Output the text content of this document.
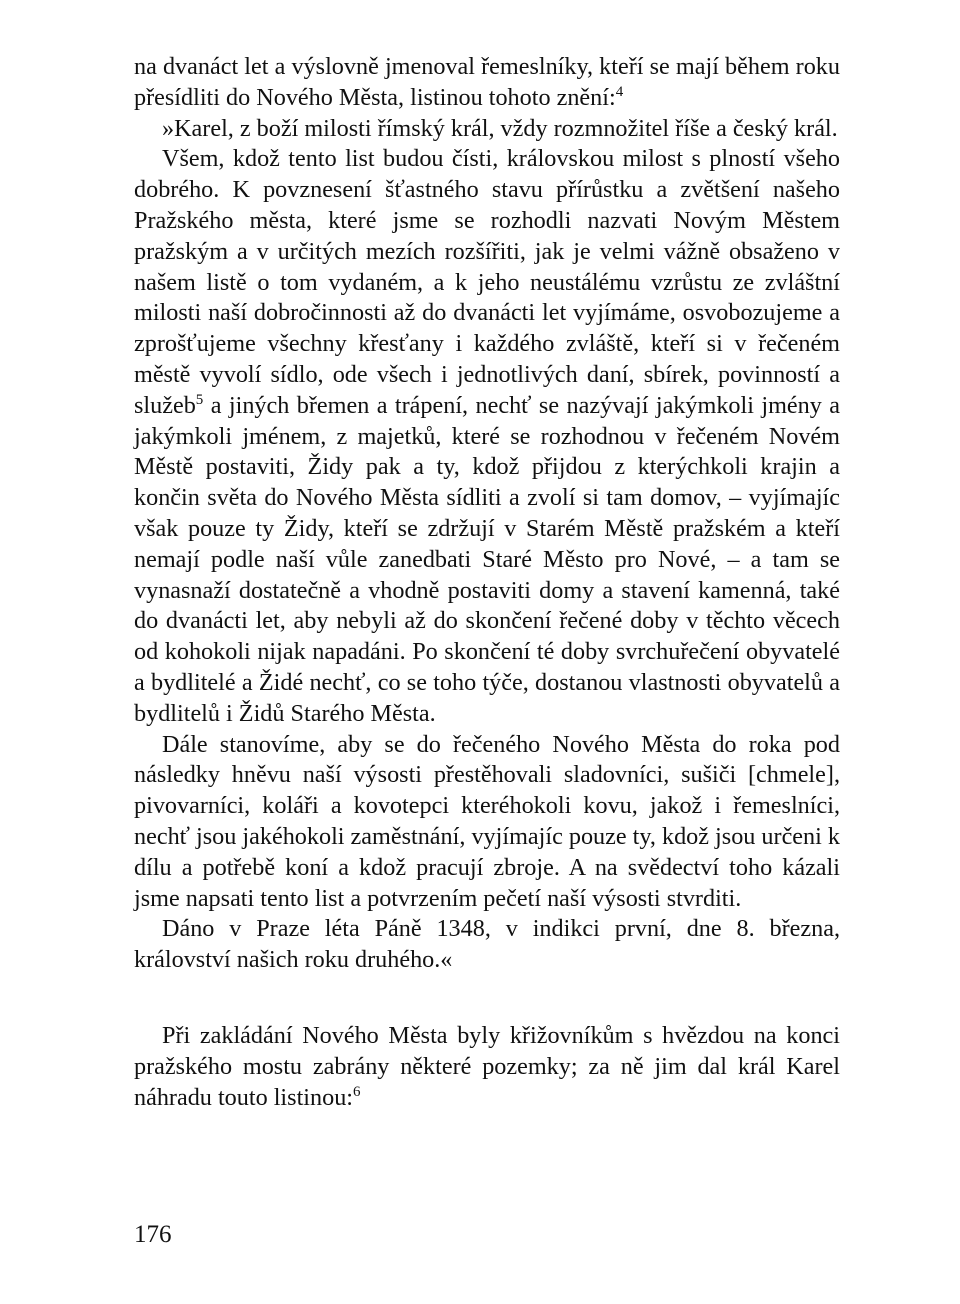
na dvanáct let a výslovně jmenoval řemeslníky, kteří se mají během roku přesídliti do Nového Města, listinou tohoto znění:$^4$

»Karel, z boží milosti římský král, vždy rozmnožitel říše a český král.

Všem, kdož tento list budou čísti, královskou milost s plností všeho dobrého. K povznesení šťastného stavu přírůstku a zvětšení našeho Pražského města, které jsme se rozhodli nazvati Novým Městem pražským a v určitých mezích rozšířiti, jak je velmi vážně obsaženo v našem listě o tom vydaném, a k jeho neustálému vzrůstu ze zvláštní milosti naší dobročinnosti až do dvanácti let vyjímáme, osvobozujeme a zprošťujeme všechny křesťany i každého zvláště, kteří si v řečeném městě vyvolí sídlo, ode všech i jednotlivých daní, sbírek, povinností a služeb$^5$ a jiných břemen a trápení, nechť se nazývají jakýmkoli jmény a jakýmkoli jménem, z majetků, které se rozhodnou v řečeném Novém Městě postaviti, Židy pak a ty, kdož přijdou z kterýchkoli krajin a končin světa do Nového Města sídliti a zvolí si tam domov, – vyjímajíc však pouze ty Židy, kteří se zdržují v Starém Městě pražském a kteří nemají podle naší vůle zanedbati Staré Město pro Nové, – a tam se vynasnaží dostatečně a vhodně postaviti domy a stavení kamenná, také do dvanácti let, aby nebyli až do skončení řečené doby v těchto věcech od kohokoli nijak napadáni. Po skončení té doby svrchuřečení obyvatelé a bydlitelé a Židé nechť, co se toho týče, dostanou vlastnosti obyvatelů a bydlitelů i Židů Starého Města.

Dále stanovíme, aby se do řečeného Nového Města do roka pod následky hněvu naší výsosti přestěhovali sladovníci, sušiči [chmele], pivovarníci, koláři a kovotepci kteréhokoli kovu, jakož i řemeslníci, nechť jsou jakéhokoli zaměstnání, vyjímajíc pouze ty, kdož jsou určeni k dílu a potřebě koní a kdož pracují zbroje. A na svědectví toho kázali jsme napsati tento list a potvrzením pečetí naší výsosti stvrditi.

Dáno v Praze léta Páně 1348, v indikci první, dne 8. března, království našich roku druhého.«

Při zakládání Nového Města byly křižovníkům s hvězdou na konci pražského mostu zabrány některé pozemky; za ně jim dal král Karel náhradu touto listinou:$^6$

176
